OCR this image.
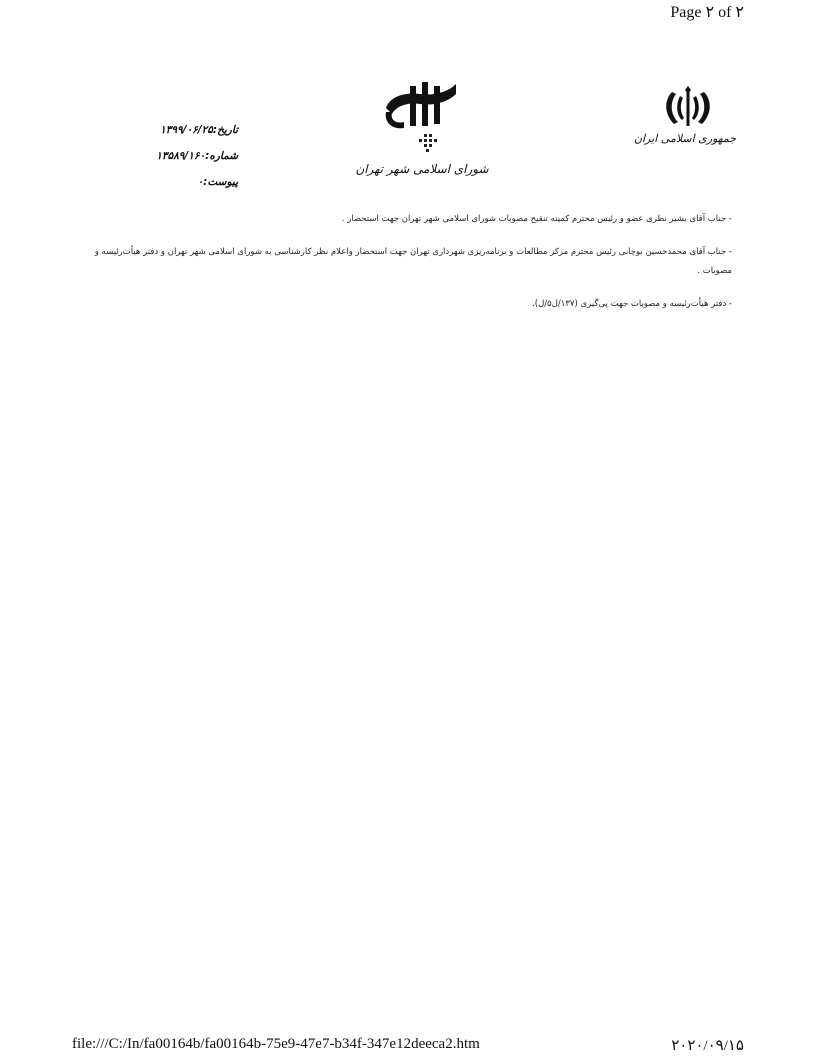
Page ۲ of ۲
تاریخ:۱۳۹۹/۰۶/۲۵
شماره:۱۳۵۸۹/۱۶۰
پیوست:۰
شورای اسلامی شهر تهران
جمهوری اسلامی ایران

- جناب آقای بشیر نظری عضو و رئیس محترم کمیته تنقیح مصوبات شورای اسلامی شهر تهران جهت استحضار .

- جناب آقای محمدحسین بوچانی رئیس محترم مرکز مطالعات و برنامه‌ریزی شهرداری تهران جهت استحضار واعلام نظر کارشناسی به شورای اسلامی شهر تهران و دفتر هیأت‌رئیسه و مصوبات .

- دفتر هیأت‌رئیسه و مصوبات جهت پی‌گیری (۱۳۷/ل۵/ل).

file:///C:/In/fa00164b/fa00164b-75e9-47e7-b34f-347e12deeca2.htm	۲۰۲۰/۰۹/۱۵
